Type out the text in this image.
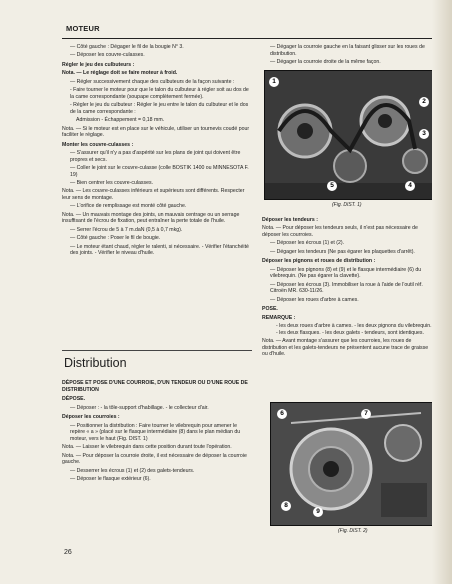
MOTEUR

— Côté gauche : Dégager le fil de la bougie N° 3.

— Déposer les couvre-culasses.

Régler le jeu des culbuteurs :

Nota. — Le réglage doit se faire moteur à froid.

— Régler successivement chaque des culbuteurs de la façon suivante :

- Faire tourner le moteur pour que le talon du culbuteur à régler soit au dos de la came correspondante (soupape complètement fermée).

- Régler le jeu du culbuteur : Régler le jeu entre le talon du culbuteur et le dos de la came correspondante :

Admission - Échappement = 0,18 mm.

Nota. — Si le moteur est en place sur le véhicule, utiliser un tournevis coudé pour faciliter le réglage.

Monter les couvre-culasses :

— S'assurer qu'il n'y a pas d'aspérité sur les plans de joint qui doivent être propres et secs.

— Coller le joint sur le couvre-culasse (colle BOSTIK 1400 ou MINNESOTA F. 19)

— Bien centrer les couvre-culasses.

Nota. — Les couvre-culasses inférieurs et supérieurs sont différents. Respecter leur sens de montage.

— L'orifice de remplissage est monté côté gauche.

Nota. — Un mauvais montage des joints, un mauvais centrage ou un serrage insuffisant de l'écrou de fixation, peut entraîner la perte totale de l'huile.

— Serrer l'écrou de 5 à 7 m.daN (0,5 à 0,7 mkg).

— Côté gauche : Poser le fil de bougie.

— Le moteur étant chaud, régler le ralenti, si nécessaire. - Vérifier l'étanchéité des joints. - Vérifier le niveau d'huile.

Distribution

DÉPOSE ET POSE D'UNE COURROIE, D'UN TENDEUR OU D'UNE ROUE DE DISTRIBUTION

DÉPOSE.

— Déposer : - la tôle-support d'habillage. - le collecteur d'air.

Déposer les courroies :

— Positionner la distribution : Faire tourner le vilebrequin pour amener le repère « a » (placé sur le flasque intermédiaire (8) dans le plan médian du moteur, vers le haut (Fig. DIST. 1)

Nota. — Laisser le vilebrequin dans cette position durant toute l'opération.

Nota. — Pour déposer la courroie droite, il est nécessaire de déposer la courroie gauche.

— Desserrer les écrous (1) et (2) des galets-tendeurs.

— Déposer le flasque extérieur (6).

— Dégager la courroie gauche en la faisant glisser sur les roues de distribution.

— Dégager la courroie droite de la même façon.

1
2
3
4
5
(Fig. DIST. 1)

Déposer les tendeurs :

Nota. — Pour déposer les tendeurs seuls, il n'est pas nécessaire de déposer les courroies.

— Déposer les écrous (1) et (2).

— Dégager les tendeurs (Ne pas égarer les plaquettes d'arrêt).

Déposer les pignons et roues de distribution :

— Déposer les pignons (8) et (9) et le flasque intermédiaire (6) du vilebrequin. (Ne pas égarer la clavette).

— Déposer les écrous (3). Immobiliser la roue à l'aide de l'outil réf. Citroën MR. 630-11/26.

— Déposer les roues d'arbre à cames.

POSE.

REMARQUE :

- les deux roues d'arbre à cames. - les deux pignons du vilebrequin. - les deux flasques. - les deux galets - tendeurs, sont identiques.

Nota. — Avant montage s'assurer que les courroies, les roues de distribution et les galets-tendeurs ne présentent aucune trace de graisse ou d'huile.

6	7
8
9
(Fig. DIST. 2)
26
